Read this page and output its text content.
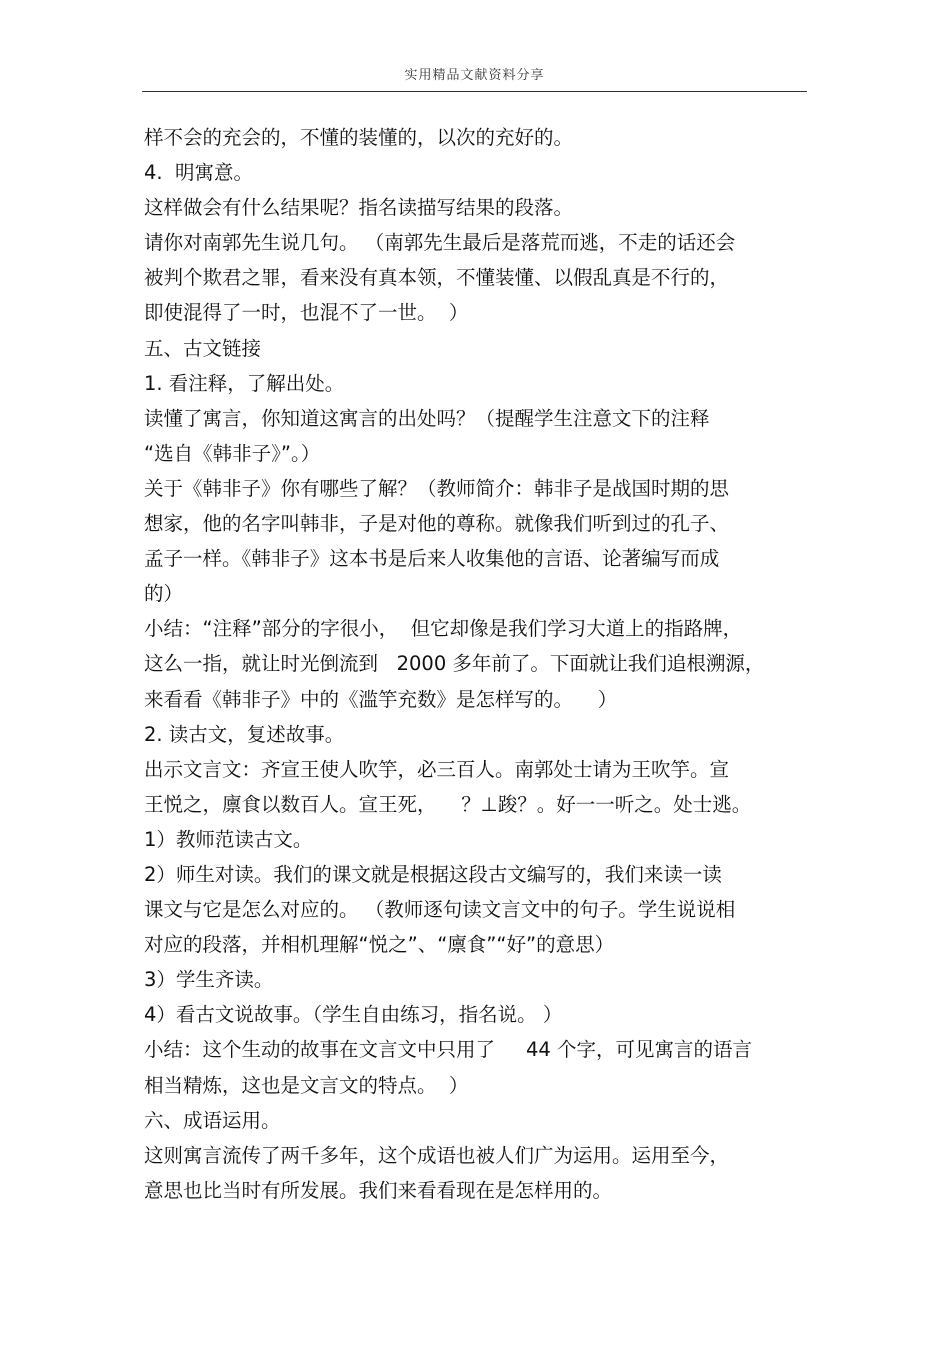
实用精品文献资料分享
样不会的充会的，不懂的装懂的，以次的充好的。
4.  明寓意。
这样做会有什么结果呢？指名读描写结果的段落。
请你对南郭先生说几句。 （南郭先生最后是落荒而逃，不走的话还会
被判个欺君之罪，看来没有真本领，不懂装懂、以假乱真是不行的，
即使混得了一时，也混不了一世。  ）
五、古文链接
1. 看注释，了解出处。
读懂了寓言，你知道这寓言的出处吗？（提醒学生注意文下的注释
“选自《韩非子》”。）
关于《韩非子》你有哪些了解？（教师简介：韩非子是战国时期的思
想家，他的名字叫韩非，子是对他的尊称。就像我们听到过的孔子、
孟子一样。《韩非子》这本书是后来人收集他的言语、论著编写而成
的）
小结：“注释”部分的字很小，  但它却像是我们学习大道上的指路牌，
这么一指，就让时光倒流到   2000 多年前了。下面就让我们追根溯源，
来看看《韩非子》中的《滥竽充数》是怎样写的。    ）
2. 读古文，复述故事。
出示文言文：齐宣王使人吹竽，必三百人。南郭处士请为王吹竽。宣
王悦之，廪食以数百人。宣王死，    ？⊥踆？。好一一听之。处士逃。
1）教师范读古文。
2）师生对读。我们的课文就是根据这段古文编写的，我们来读一读
课文与它是怎么对应的。 （教师逐句读文言文中的句子。学生说说相
对应的段落，并相机理解“悦之”、“廪食”“好”的意思）
3）学生齐读。
4）看古文说故事。（学生自由练习，指名说。 ）
小结：这个生动的故事在文言文中只用了     44 个字，可见寓言的语言
相当精炼，这也是文言文的特点。  ）
六、成语运用。
这则寓言流传了两千多年，这个成语也被人们广为运用。运用至今，
意思也比当时有所发展。我们来看看现在是怎样用的。
